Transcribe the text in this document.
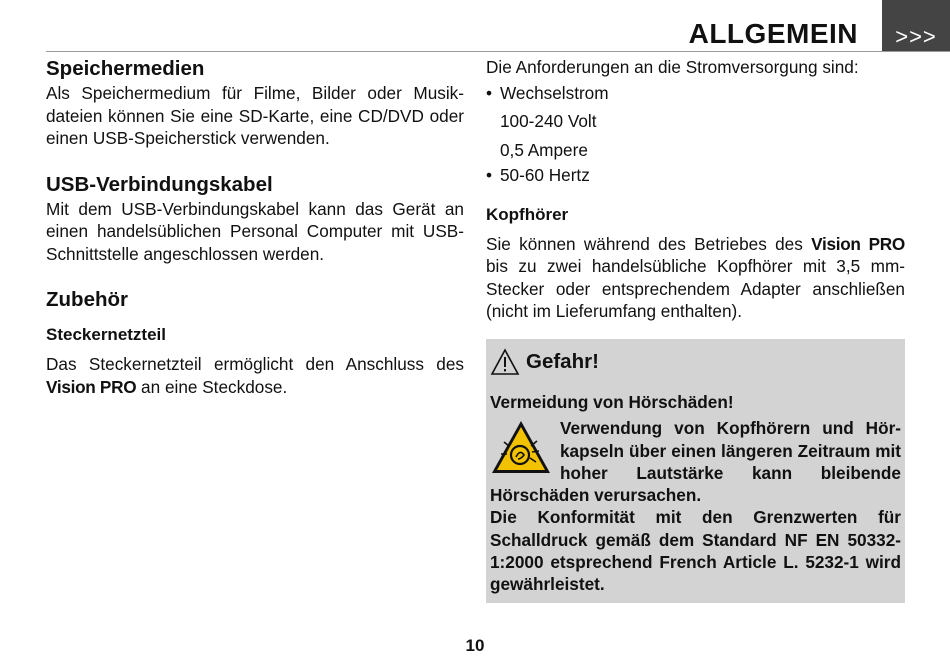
ALLGEMEIN	>>>
Speichermedien

Als Speichermedium für Filme, Bilder oder Musikdateien können Sie eine SD-Karte, eine CD/DVD oder einen USB-Speicherstick verwenden.

USB-Verbindungskabel

Mit dem USB-Verbindungskabel kann das Gerät an einen handelsüblichen Personal Computer mit USB-Schnittstelle angeschlossen werden.

Zubehör
Steckernetzteil

Das Steckernetzteil ermöglicht den Anschluss des Vision PRO an eine Steckdose.

Die Anforderungen an die Stromversorgung sind:

• Wechselstrom
100-240 Volt
0,5 Ampere
• 50-60 Hertz
Kopfhörer

Sie können während des Betriebes des Vision PRO bis zu zwei handelsübliche Kopfhörer mit 3,5 mm-Stecker oder entsprechendem Adapter anschließen (nicht im Lieferumfang enthalten).

Gefahr!
Vermeidung von Hörschäden!

Verwendung von Kopfhörern und Hörkapseln über einen längeren Zeitraum mit hoher Lautstärke kann bleibende Hörschäden verursachen.

Die Konformität mit den Grenzwerten für Schalldruck gemäß dem Standard NF EN 50332-1:2000 etsprechend French Article L. 5232-1 wird gewährleistet.

10
